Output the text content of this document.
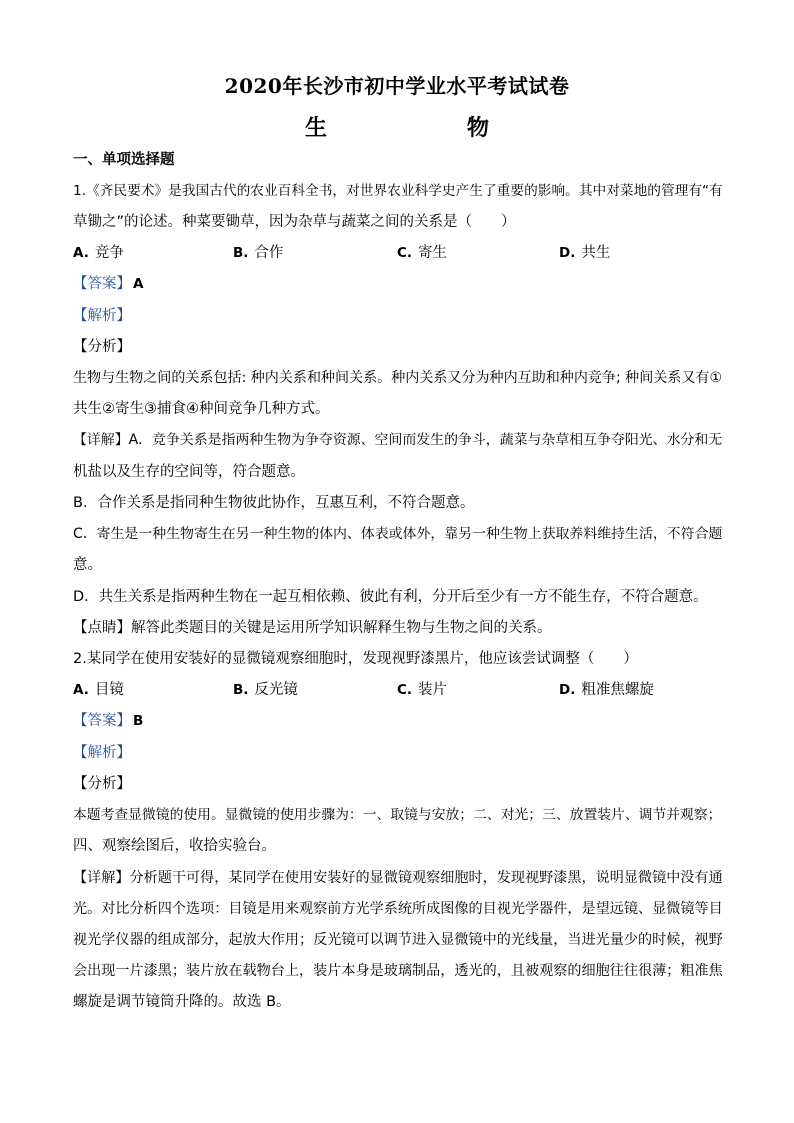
2020年长沙市初中学业水平考试试卷
生	物
一、单项选择题
1.《齐民要术》是我国古代的农业百科全书，对世界农业科学史产生了重要的影响。其中对菜地的管理有“有
草锄之”的论述。种菜要锄草，因为杂草与蔬菜之间的关系是（　　）
A. 竞争	B. 合作	C. 寄生	D. 共生
【答案】 A
【解析】
【分析】
生物与生物之间的关系包括: 种内关系和种间关系。种内关系又分为种内互助和种内竞争; 种间关系又有①
共生②寄生③捕食④种间竞争几种方式。
【详解】A．竞争关系是指两种生物为争夺资源、空间而发生的争斗，蔬菜与杂草相互争夺阳光、水分和无
机盐以及生存的空间等，符合题意。
B．合作关系是指同种生物彼此协作，互惠互利，不符合题意。
C．寄生是一种生物寄生在另一种生物的体内、体表或体外，靠另一种生物上获取养料维持生活，不符合题
意。
D．共生关系是指两种生物在一起互相依赖、彼此有利，分开后至少有一方不能生存，不符合题意。
【点睛】解答此类题目的关键是运用所学知识解释生物与生物之间的关系。
2.某同学在使用安装好的显微镜观察细胞时，发现视野漆黑片，他应该尝试调整（　　）
A. 目镜	B. 反光镜	C. 装片	D. 粗准焦螺旋
【答案】 B
【解析】
【分析】
本题考查显微镜的使用。显微镜的使用步骤为：一、取镜与安放；二、对光；三、放置装片、调节并观察；
四、观察绘图后，收拾实验台。
【详解】分析题干可得，某同学在使用安装好的显微镜观察细胞时，发现视野漆黑，说明显微镜中没有通
光。对比分析四个选项：目镜是用来观察前方光学系统所成图像的目视光学器件，是望远镜、显微镜等目
视光学仪器的组成部分，起放大作用；反光镜可以调节进入显微镜中的光线量，当进光量少的时候，视野
会出现一片漆黑；装片放在载物台上，装片本身是玻璃制品，透光的，且被观察的细胞往往很薄；粗准焦
螺旋是调节镜筒升降的。故选 B。
